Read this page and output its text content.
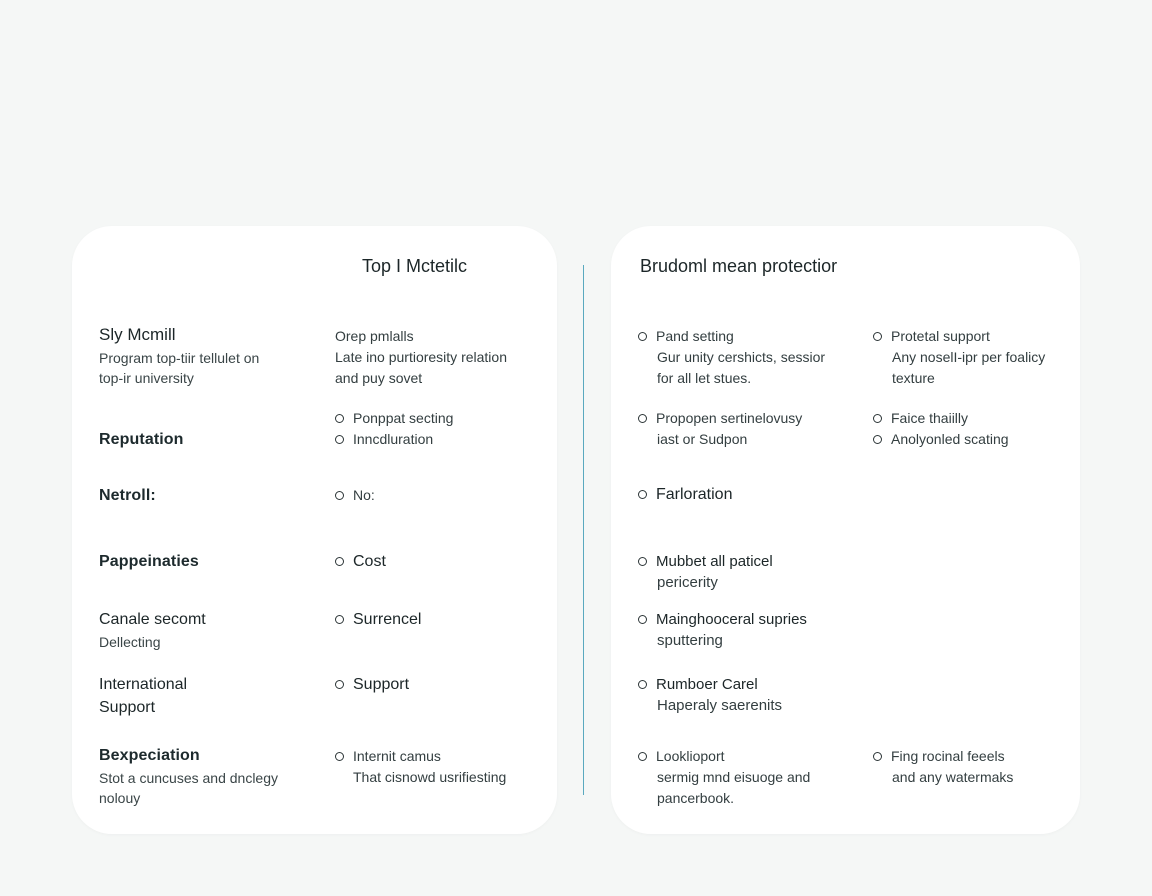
Top I Mctetilc
Sly Mcmill
Program top-tiir tellulet on
top-ir university
Orep pmlalls
Late ino purtioresity relation
and puy sovet
Reputation
Ponppat secting
Inncdluration
Netroll:	No:
Pappeinaties	Cost
Canale secomt
Dellecting
Surrencel
International
Support
Support
Bexpeciation
Stot a cuncuses and dnclegy
nolouy
Internit camus
That cisnowd usrifiesting
Brudoml mean protectior
Pand setting
Gur unity cershicts, sessior
for all let stues.
Protetal support
Any noselI-ipr per foalicy
texture
Propopen sertinelovusy
iast or Sudpon
Faice thaiilly
Anolyonled scating
Farloration
Mubbet all paticel
pericerity
Mainghooceral supries
sputtering
Rumboer Carel
Haperaly saerenits
Looklioport
sermig mnd eisuoge and
pancerbook.
Fing rocinal feeels
and any watermaks
